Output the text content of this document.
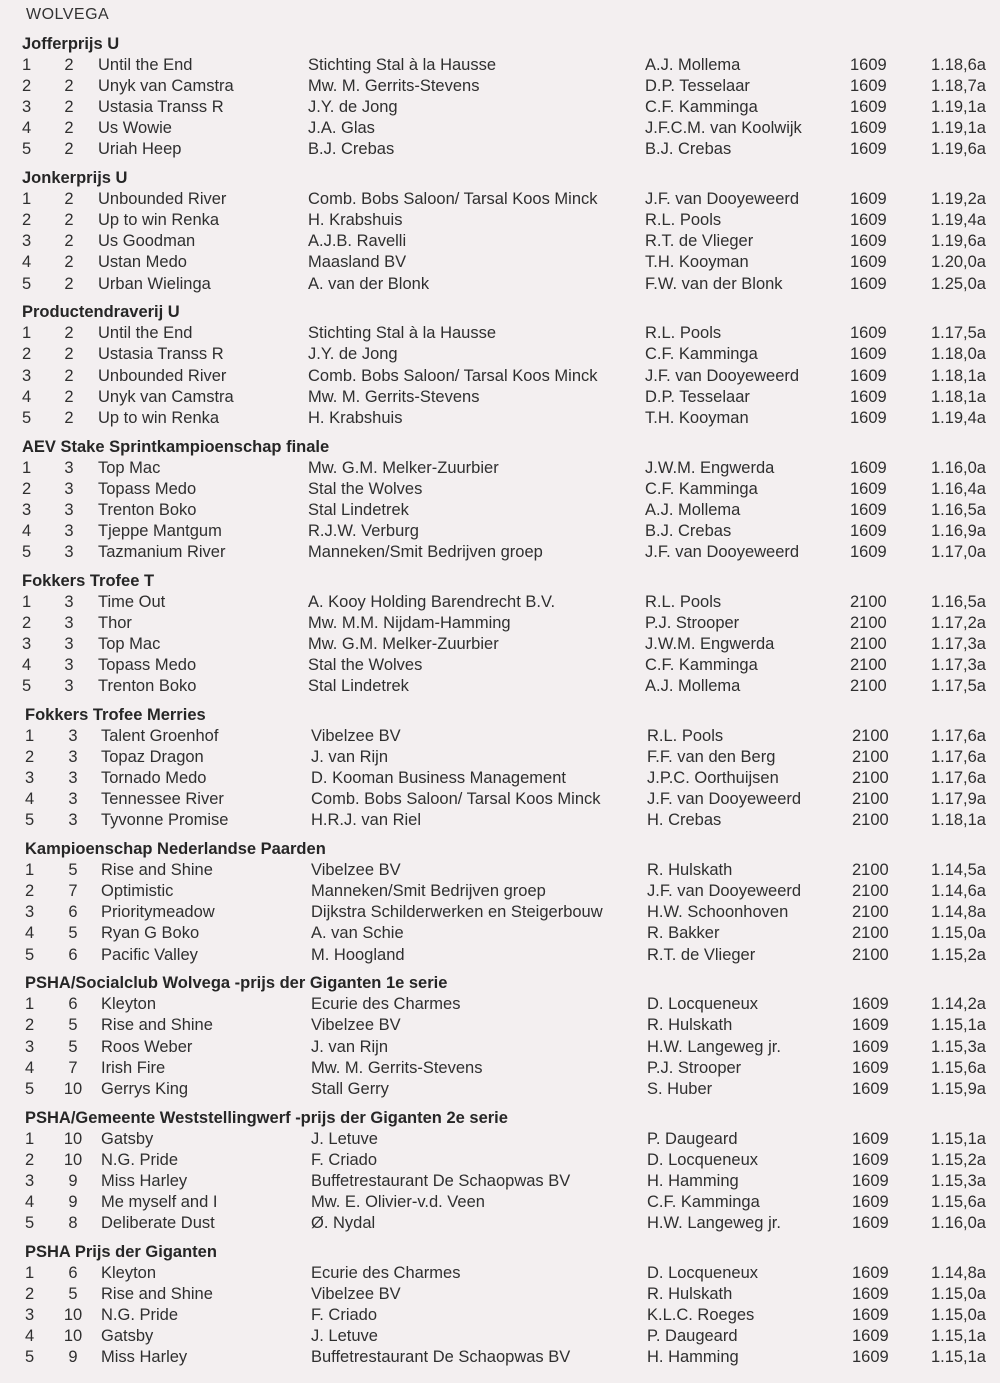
WOLVEGA
Jofferprijs U
1	2	Until the End	Stichting Stal à la Hausse	A.J. Mollema	1609	1.18,6a
2	2	Unyk van Camstra	Mw. M. Gerrits-Stevens	D.P. Tesselaar	1609	1.18,7a
3	2	Ustasia Transs R	J.Y. de Jong	C.F. Kamminga	1609	1.19,1a
4	2	Us Wowie	J.A. Glas	J.F.C.M. van Koolwijk	1609	1.19,1a
5	2	Uriah Heep	B.J. Crebas	B.J. Crebas	1609	1.19,6a
Jonkerprijs U
1	2	Unbounded River	Comb. Bobs Saloon/ Tarsal Koos Minck	J.F. van Dooyeweerd	1609	1.19,2a
2	2	Up to win Renka	H. Krabshuis	R.L. Pools	1609	1.19,4a
3	2	Us Goodman	A.J.B. Ravelli	R.T. de Vlieger	1609	1.19,6a
4	2	Ustan Medo	Maasland BV	T.H. Kooyman	1609	1.20,0a
5	2	Urban Wielinga	A. van der Blonk	F.W. van der Blonk	1609	1.25,0a
Productendraverij U
1	2	Until the End	Stichting Stal à la Hausse	R.L. Pools	1609	1.17,5a
2	2	Ustasia Transs R	J.Y. de Jong	C.F. Kamminga	1609	1.18,0a
3	2	Unbounded River	Comb. Bobs Saloon/ Tarsal Koos Minck	J.F. van Dooyeweerd	1609	1.18,1a
4	2	Unyk van Camstra	Mw. M. Gerrits-Stevens	D.P. Tesselaar	1609	1.18,1a
5	2	Up to win Renka	H. Krabshuis	T.H. Kooyman	1609	1.19,4a
AEV Stake Sprintkampioenschap finale
1	3	Top Mac	Mw. G.M. Melker-Zuurbier	J.W.M. Engwerda	1609	1.16,0a
2	3	Topass Medo	Stal the Wolves	C.F. Kamminga	1609	1.16,4a
3	3	Trenton Boko	Stal Lindetrek	A.J. Mollema	1609	1.16,5a
4	3	Tjeppe Mantgum	R.J.W. Verburg	B.J. Crebas	1609	1.16,9a
5	3	Tazmanium River	Manneken/Smit Bedrijven groep	J.F. van Dooyeweerd	1609	1.17,0a
Fokkers Trofee T
1	3	Time Out	A. Kooy Holding Barendrecht B.V.	R.L. Pools	2100	1.16,5a
2	3	Thor	Mw. M.M. Nijdam-Hamming	P.J. Strooper	2100	1.17,2a
3	3	Top Mac	Mw. G.M. Melker-Zuurbier	J.W.M. Engwerda	2100	1.17,3a
4	3	Topass Medo	Stal the Wolves	C.F. Kamminga	2100	1.17,3a
5	3	Trenton Boko	Stal Lindetrek	A.J. Mollema	2100	1.17,5a
Fokkers Trofee Merries
1	3	Talent Groenhof	Vibelzee BV	R.L. Pools	2100	1.17,6a
2	3	Topaz Dragon	J. van Rijn	F.F. van den Berg	2100	1.17,6a
3	3	Tornado Medo	D. Kooman Business Management	J.P.C. Oorthuijsen	2100	1.17,6a
4	3	Tennessee River	Comb. Bobs Saloon/ Tarsal Koos Minck	J.F. van Dooyeweerd	2100	1.17,9a
5	3	Tyvonne Promise	H.R.J. van Riel	H. Crebas	2100	1.18,1a
Kampioenschap Nederlandse Paarden
1	5	Rise and Shine	Vibelzee BV	R. Hulskath	2100	1.14,5a
2	7	Optimistic	Manneken/Smit Bedrijven groep	J.F. van Dooyeweerd	2100	1.14,6a
3	6	Prioritymeadow	Dijkstra Schilderwerken en Steigerbouw	H.W. Schoonhoven	2100	1.14,8a
4	5	Ryan G Boko	A. van Schie	R. Bakker	2100	1.15,0a
5	6	Pacific Valley	M. Hoogland	R.T. de Vlieger	2100	1.15,2a
PSHA/Socialclub Wolvega -prijs der Giganten 1e serie
1	6	Kleyton	Ecurie des Charmes	D. Locqueneux	1609	1.14,2a
2	5	Rise and Shine	Vibelzee BV	R. Hulskath	1609	1.15,1a
3	5	Roos Weber	J. van Rijn	H.W. Langeweg jr.	1609	1.15,3a
4	7	Irish Fire	Mw. M. Gerrits-Stevens	P.J. Strooper	1609	1.15,6a
5 10 Gerrys King	Stall Gerry	S. Huber	1609	1.15,9a
PSHA/Gemeente Weststellingwerf -prijs der Giganten 2e serie
1 10 Gatsby	J. Letuve	P. Daugeard	1609	1.15,1a
2 10 N.G. Pride	F. Criado	D. Locqueneux	1609	1.15,2a
3	9	Miss Harley	Buffetrestaurant De Schaopwas BV	H. Hamming	1609	1.15,3a
4	9	Me myself and I	Mw. E. Olivier-v.d. Veen	C.F. Kamminga	1609	1.15,6a
5	8	Deliberate Dust	Ø. Nydal	H.W. Langeweg jr.	1609	1.16,0a
PSHA Prijs der Giganten
1	6	Kleyton	Ecurie des Charmes	D. Locqueneux	1609	1.14,8a
2	5	Rise and Shine	Vibelzee BV	R. Hulskath	1609	1.15,0a
3 10 N.G. Pride	F. Criado	K.L.C. Roeges	1609	1.15,0a
4 10 Gatsby	J. Letuve	P. Daugeard	1609	1.15,1a
5	9	Miss Harley	Buffetrestaurant De Schaopwas BV	H. Hamming	1609	1.15,1a
